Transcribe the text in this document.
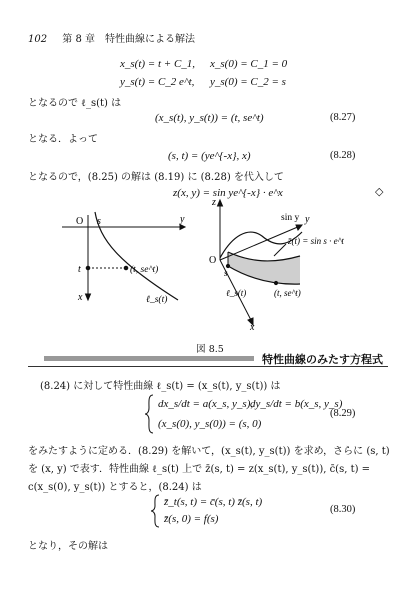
102 第 8 章　特性曲線による解法
x_s(t) = t + C_1, x_s(0) = C_1 = 0
y_s(t) = C_2 e^t, y_s(0) = C_2 = s
となるので ℓ_s(t) は
(x_s(t), y_s(t)) = (t, se^t)	(8.27)
となる．よって
(s, t) = (ye^{-x}, x)	(8.28)
となるので，(8.25) の解は (8.19) に (8.28) を代入して
z(x, y) = sin ye^{-x} · e^x	◇
O s	y
t
x
(t, se^t)
ℓ_s(t)
z
sin y y
O
s
x
z̄(t) = sin s · e^t
(t, se^t)
ℓ_s(t)
図 8.5
特性曲線のみたす方程式
(8.24) に対して特性曲線 ℓ_s(t) = (x_s(t), y_s(t)) は
dx_s/dt = a(x_s, y_s),
dy_s/dt = b(x_s, y_s)
(x_s(0), y_s(0)) = (s, 0)
(8.29)
をみたすように定める．(8.29) を解いて，(x_s(t), y_s(t)) を求め，さらに (s, t)
を (x, y) で表す．特性曲線 ℓ_s(t) 上で z̄(s, t) = z(x_s(t), y_s(t)), c̄(s, t) =
c(x_s(0), y_s(t)) とすると，(8.24) は
z̄_t(s, t) = c̄(s, t) z̄(s, t)
z̄(s, 0) = f(s)
(8.30)
となり，その解は
